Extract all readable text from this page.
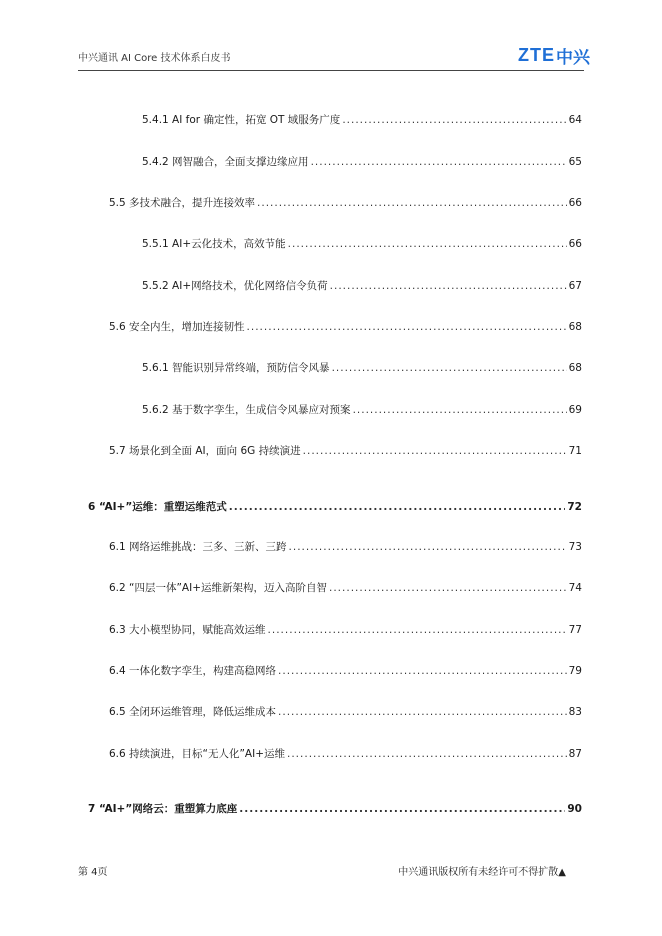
中兴通讯 AI Core 技术体系白皮书	ZTE 中兴
5.4.1 AI for 确定性，拓宽 OT 域服务广度 .....	64
5.4.2 网智融合，全面支撑边缘应用 .....	65
5.5 多技术融合，提升连接效率 .....	66
5.5.1 AI+云化技术，高效节能 .....	66
5.5.2 AI+网络技术，优化网络信令负荷 .....	67
5.6 安全内生，增加连接韧性 .....	68
5.6.1 智能识别异常终端，预防信令风暴 .....	68
5.6.2 基于数字孪生，生成信令风暴应对预案 .....	69
5.7 场景化到全面 AI，面向 6G 持续演进 .....	71
6 “AI+”运维：重塑运维范式 .....	72
6.1 网络运维挑战：三多、三新、三跨 .....	73
6.2 “四层一体”AI+运维新架构，迈入高阶自智 .....	74
6.3 大小模型协同，赋能高效运维 .....	77
6.4 一体化数字孪生，构建高稳网络 .....	79
6.5 全闭环运维管理，降低运维成本 .....	83
6.6 持续演进，目标“无人化”AI+运维 .....	87
7 “AI+”网络云：重塑算力底座 .....	90
第 4页	中兴通讯版权所有未经许可不得扩散▲
